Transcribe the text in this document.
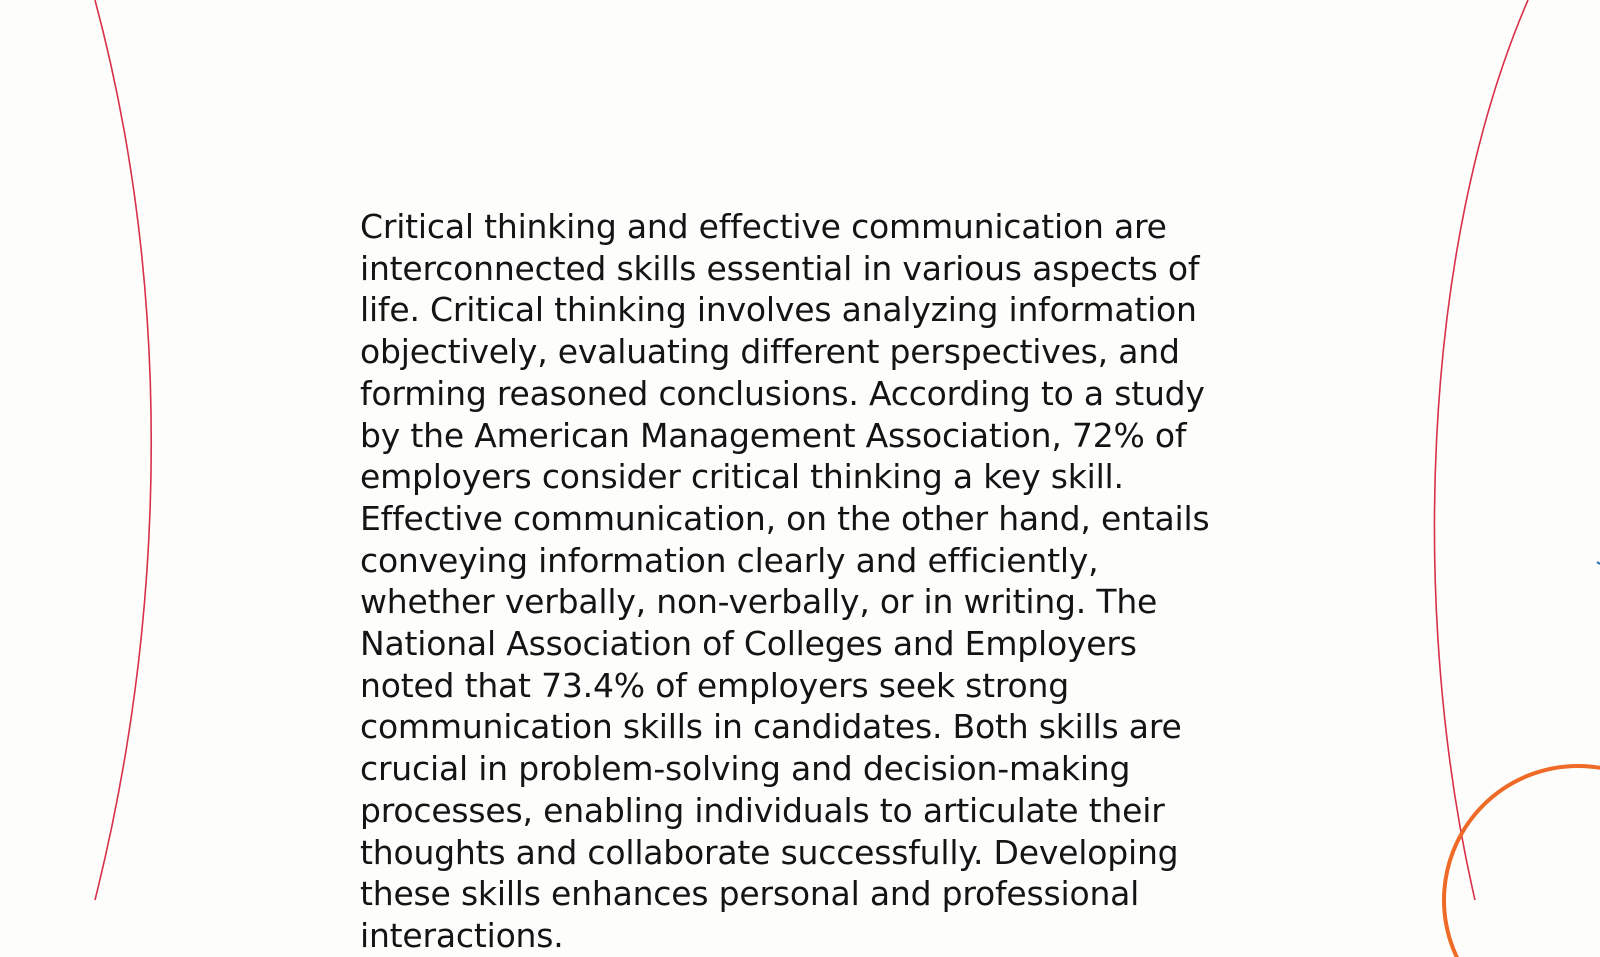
Critical thinking and effective communication are interconnected skills essential in various aspects of life. Critical thinking involves analyzing information objectively, evaluating different perspectives, and forming reasoned conclusions. According to a study by the American Management Association, 72% of employers consider critical thinking a key skill. Effective communication, on the other hand, entails conveying information clearly and efficiently, whether verbally, non-verbally, or in writing. The National Association of Colleges and Employers noted that 73.4% of employers seek strong communication skills in candidates. Both skills are crucial in problem-solving and decision-making processes, enabling individuals to articulate their thoughts and collaborate successfully. Developing these skills enhances personal and professional interactions.
